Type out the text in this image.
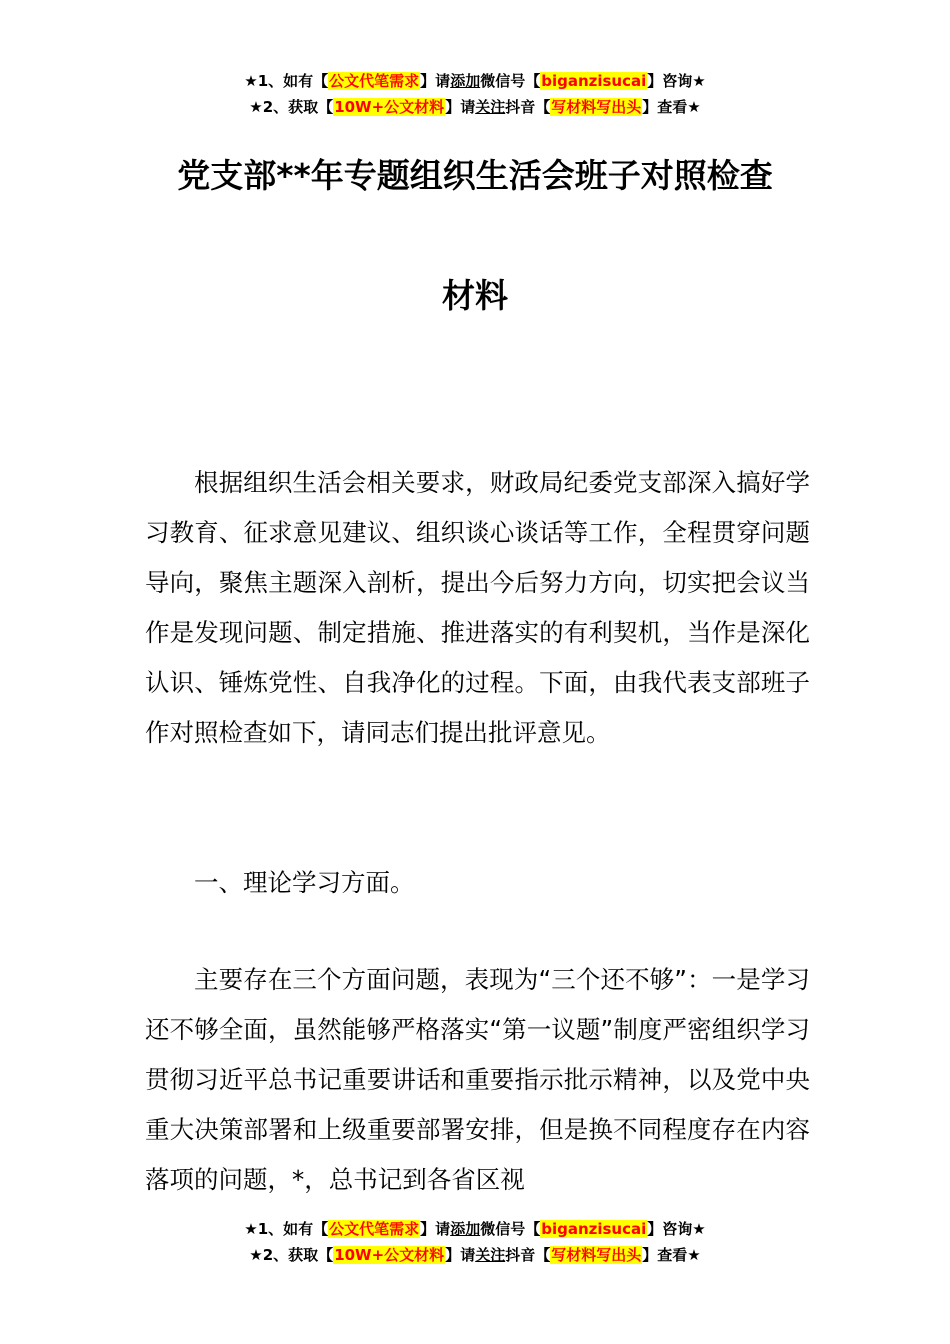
★1、如有【公文代笔需求】请添加微信号【biganzisucai】咨询★
★2、获取【10W+公文材料】请关注抖音【写材料写出头】查看★
党支部**年专题组织生活会班子对照检查
材料
根据组织生活会相关要求，财政局纪委党支部深入搞好学习教育、征求意见建议、组织谈心谈话等工作，全程贯穿问题导向，聚焦主题深入剖析，提出今后努力方向，切实把会议当作是发现问题、制定措施、推进落实的有利契机，当作是深化认识、锤炼党性、自我净化的过程。下面，由我代表支部班子作对照检查如下，请同志们提出批评意见。
一、理论学习方面。
主要存在三个方面问题，表现为“三个还不够”：一是学习还不够全面，虽然能够严格落实“第一议题”制度严密组织学习贯彻习近平总书记重要讲话和重要指示批示精神，以及党中央重大决策部署和上级重要部署安排，但是换不同程度存在内容落项的问题，*，总书记到各省区视
★1、如有【公文代笔需求】请添加微信号【biganzisucai】咨询★
★2、获取【10W+公文材料】请关注抖音【写材料写出头】查看★
